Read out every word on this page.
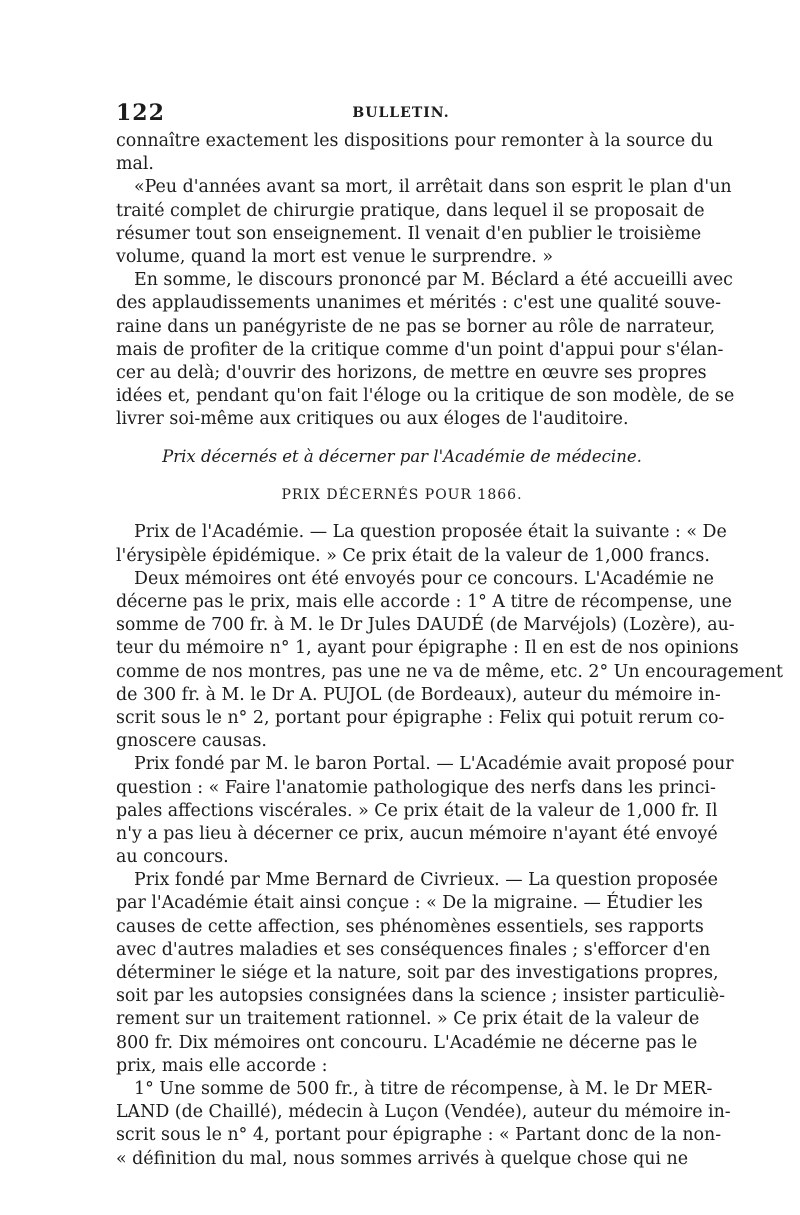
122	BULLETIN.
connaître exactement les dispositions pour remonter à la source du
mal.
«Peu d'années avant sa mort, il arrêtait dans son esprit le plan d'un
traité complet de chirurgie pratique, dans lequel il se proposait de
résumer tout son enseignement. Il venait d'en publier le troisième
volume, quand la mort est venue le surprendre. »
En somme, le discours prononcé par M. Béclard a été accueilli avec
des applaudissements unanimes et mérités : c'est une qualité souve-
raine dans un panégyriste de ne pas se borner au rôle de narrateur,
mais de profiter de la critique comme d'un point d'appui pour s'élan-
cer au delà; d'ouvrir des horizons, de mettre en œuvre ses propres
idées et, pendant qu'on fait l'éloge ou la critique de son modèle, de se
livrer soi-même aux critiques ou aux éloges de l'auditoire.
Prix décernés et à décerner par l'Académie de médecine.
PRIX DÉCERNÉS POUR 1866.
Prix de l'Académie. — La question proposée était la suivante : « De
l'érysipèle épidémique. » Ce prix était de la valeur de 1,000 francs.
Deux mémoires ont été envoyés pour ce concours. L'Académie ne
décerne pas le prix, mais elle accorde : 1° A titre de récompense, une
somme de 700 fr. à M. le Dr Jules DAUDÉ (de Marvéjols) (Lozère), au-
teur du mémoire n° 1, ayant pour épigraphe : Il en est de nos opinions
comme de nos montres, pas une ne va de même, etc. 2° Un encouragement
de 300 fr. à M. le Dr A. PUJOL (de Bordeaux), auteur du mémoire in-
scrit sous le n° 2, portant pour épigraphe : Felix qui potuit rerum co-
gnoscere causas.
Prix fondé par M. le baron Portal. — L'Académie avait proposé pour
question : « Faire l'anatomie pathologique des nerfs dans les princi-
pales affections viscérales. » Ce prix était de la valeur de 1,000 fr. Il
n'y a pas lieu à décerner ce prix, aucun mémoire n'ayant été envoyé
au concours.
Prix fondé par Mme Bernard de Civrieux. — La question proposée
par l'Académie était ainsi conçue : « De la migraine. — Étudier les
causes de cette affection, ses phénomènes essentiels, ses rapports
avec d'autres maladies et ses conséquences finales ; s'efforcer d'en
déterminer le siége et la nature, soit par des investigations propres,
soit par les autopsies consignées dans la science ; insister particuliè-
rement sur un traitement rationnel. » Ce prix était de la valeur de
800 fr. Dix mémoires ont concouru. L'Académie ne décerne pas le
prix, mais elle accorde :
1° Une somme de 500 fr., à titre de récompense, à M. le Dr MER-
LAND (de Chaillé), médecin à Luçon (Vendée), auteur du mémoire in-
scrit sous le n° 4, portant pour épigraphe : « Partant donc de la non-
« définition du mal, nous sommes arrivés à quelque chose qui ne
